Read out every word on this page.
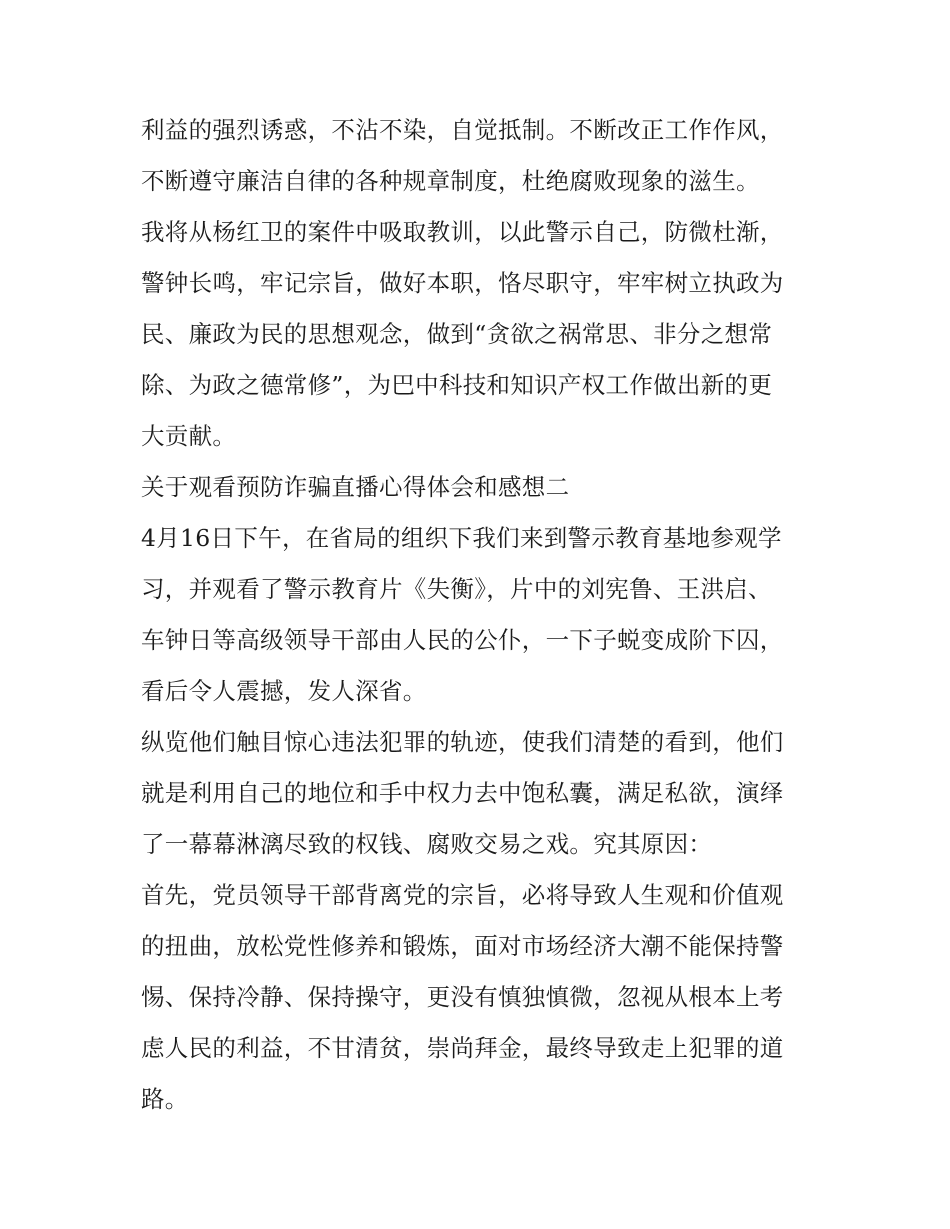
利益的强烈诱惑，不沾不染，自觉抵制。不断改正工作作风，
不断遵守廉洁自律的各种规章制度，杜绝腐败现象的滋生。
我将从杨红卫的案件中吸取教训，以此警示自己，防微杜渐，
警钟长鸣，牢记宗旨，做好本职，恪尽职守，牢牢树立执政为
民、廉政为民的思想观念，做到“贪欲之祸常思、非分之想常
除、为政之德常修”，为巴中科技和知识产权工作做出新的更
大贡献。
关于观看预防诈骗直播心得体会和感想二
4月16日下午，在省局的组织下我们来到警示教育基地参观学
习，并观看了警示教育片《失衡》，片中的刘宪鲁、王洪启、
车钟日等高级领导干部由人民的公仆，一下子蜕变成阶下囚，
看后令人震撼，发人深省。
纵览他们触目惊心违法犯罪的轨迹，使我们清楚的看到，他们
就是利用自己的地位和手中权力去中饱私囊，满足私欲，演绎
了一幕幕淋漓尽致的权钱、腐败交易之戏。究其原因：
首先，党员领导干部背离党的宗旨，必将导致人生观和价值观
的扭曲，放松党性修养和锻炼，面对市场经济大潮不能保持警
惕、保持冷静、保持操守，更没有慎独慎微，忽视从根本上考
虑人民的利益，不甘清贫，崇尚拜金，最终导致走上犯罪的道
路。
